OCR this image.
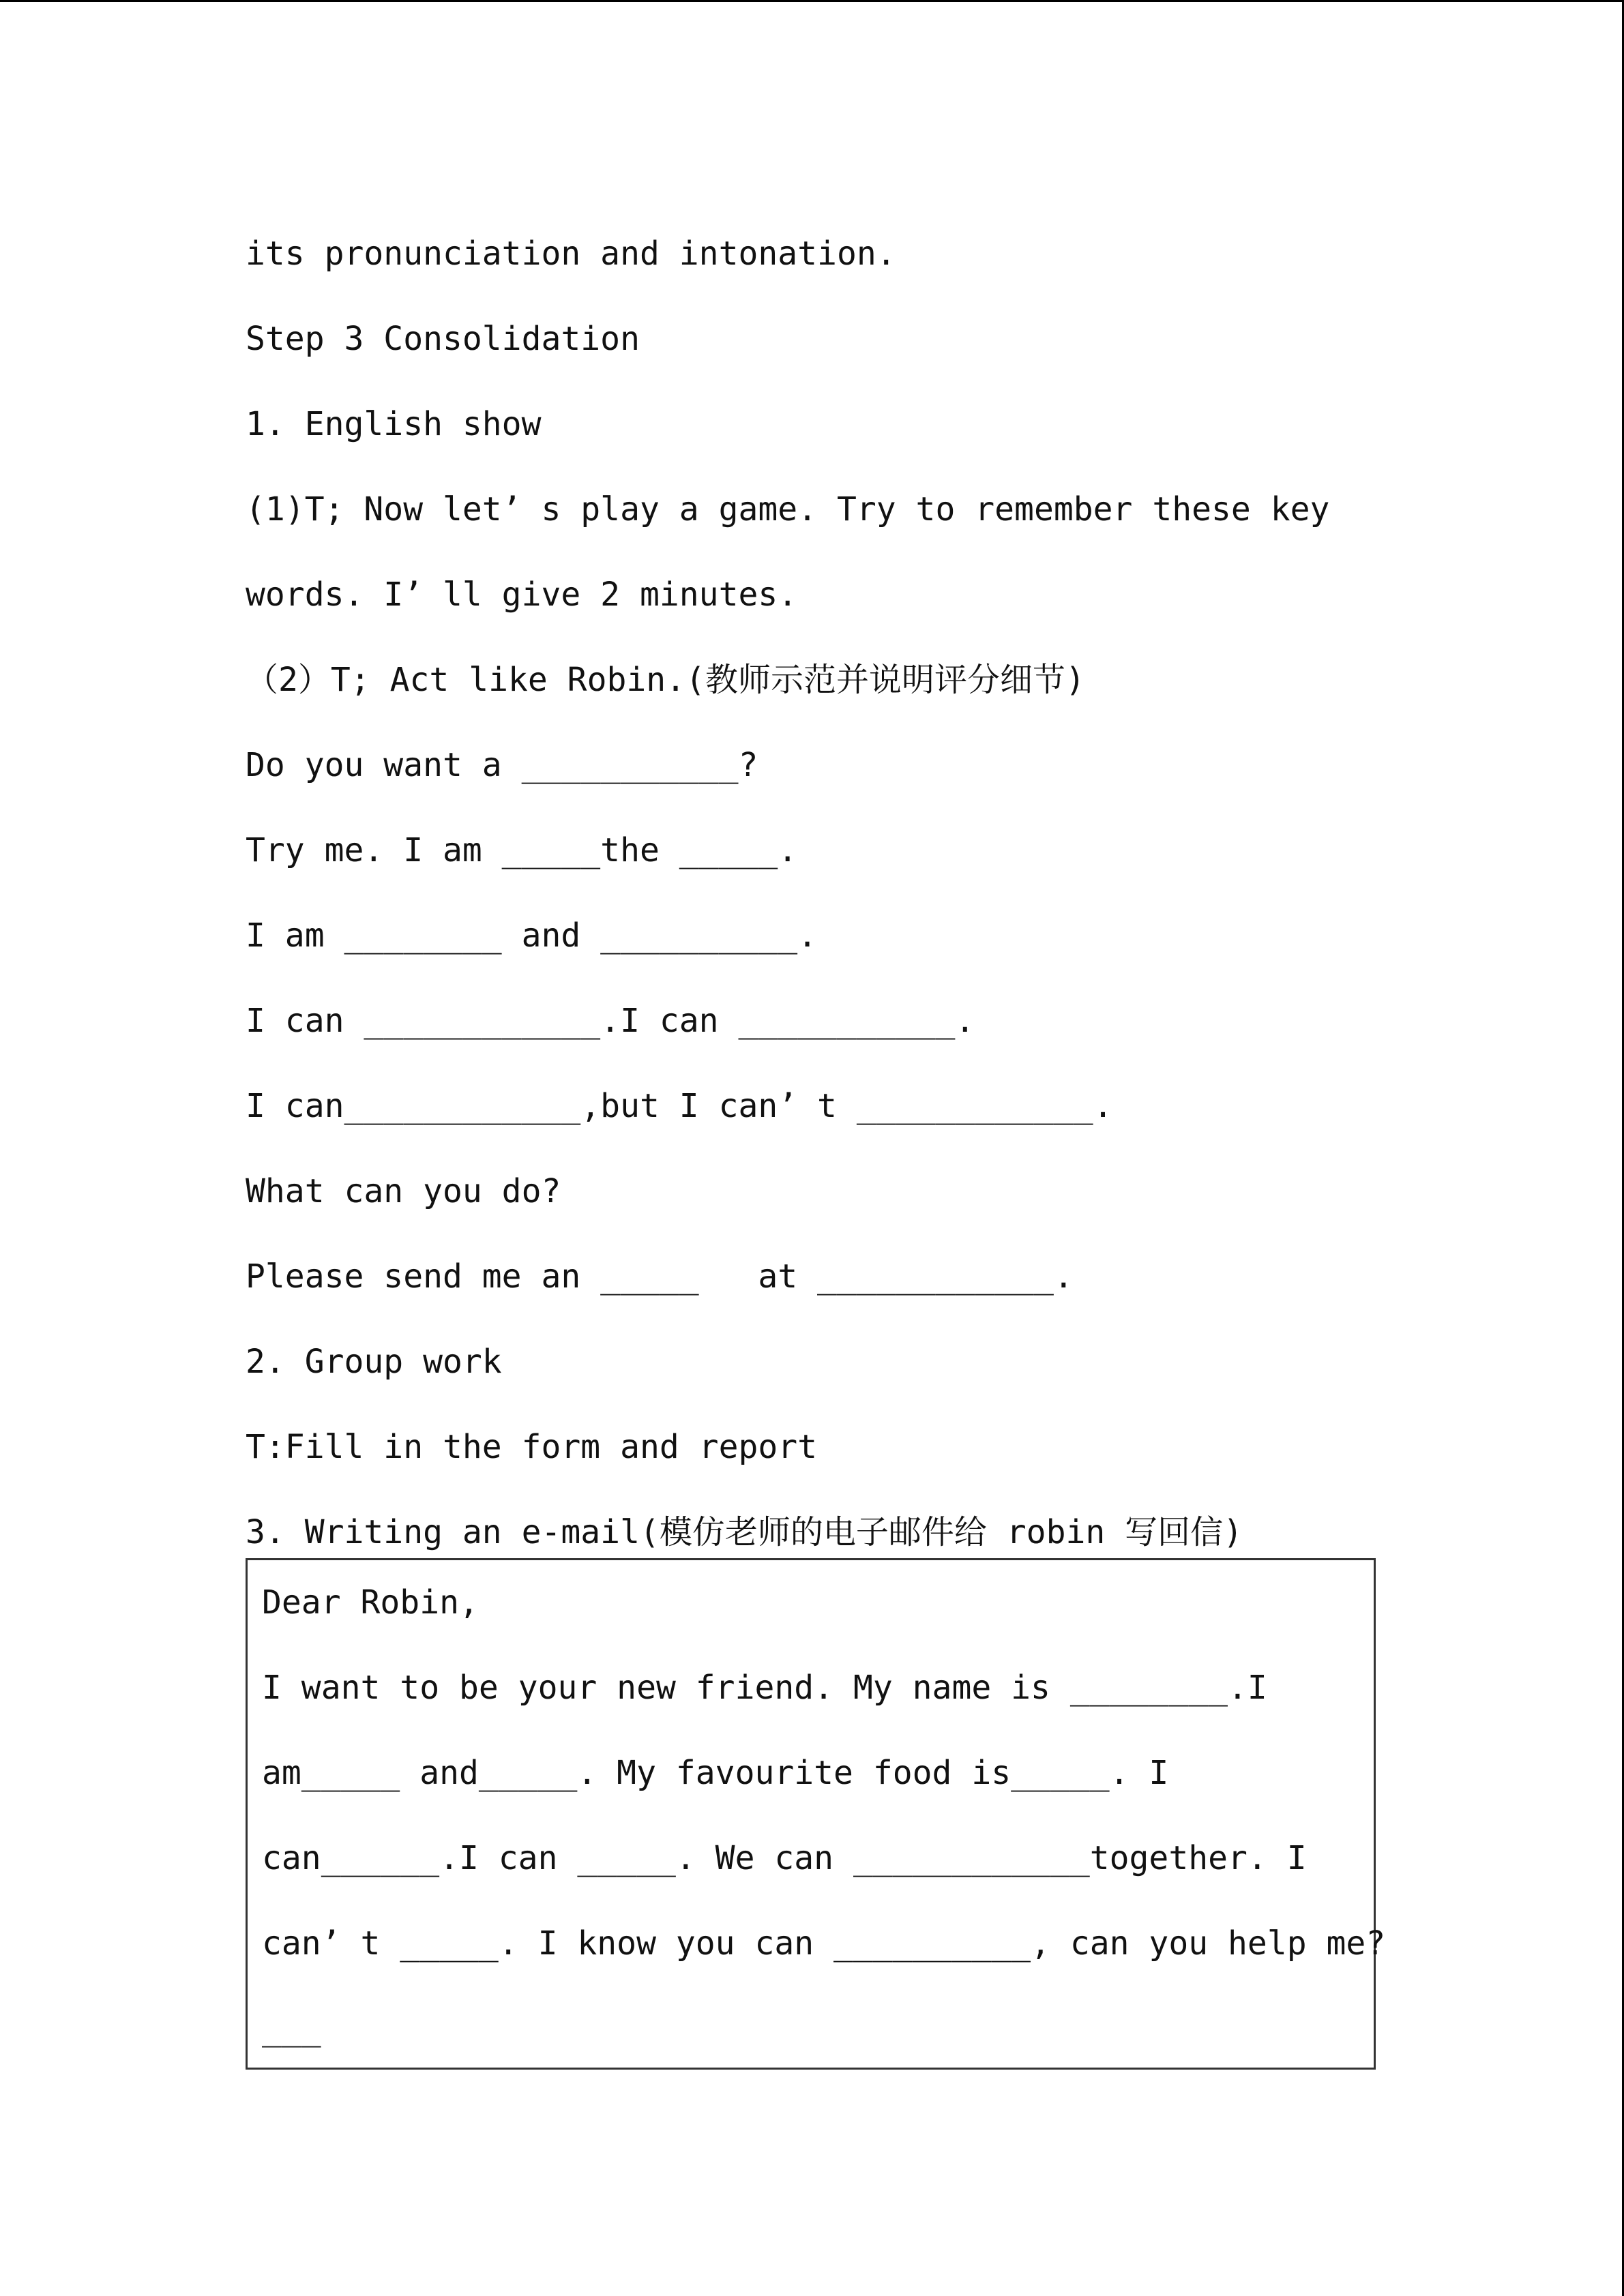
its pronunciation and intonation.
Step 3 Consolidation
1. English show
(1)T; Now let’ s play a game. Try to remember these key
words. I’ ll give 2 minutes.
（2）T; Act like Robin.(教师示范并说明评分细节)
Do you want a ___________?
Try me. I am _____the _____.
I am ________ and __________.
I can ____________.I can ___________.
I can____________,but I can’ t ____________.
What can you do?
Please send me an _____   at ____________.
2. Group work
T:Fill in the form and report
3. Writing an e-mail(模仿老师的电子邮件给 robin 写回信)
Dear Robin,
I want to be your new friend. My name is ________.I
am_____ and_____. My favourite food is_____. I
can______.I can _____. We can ____________together. I
can’ t _____. I know you can __________, can you help me?
___
